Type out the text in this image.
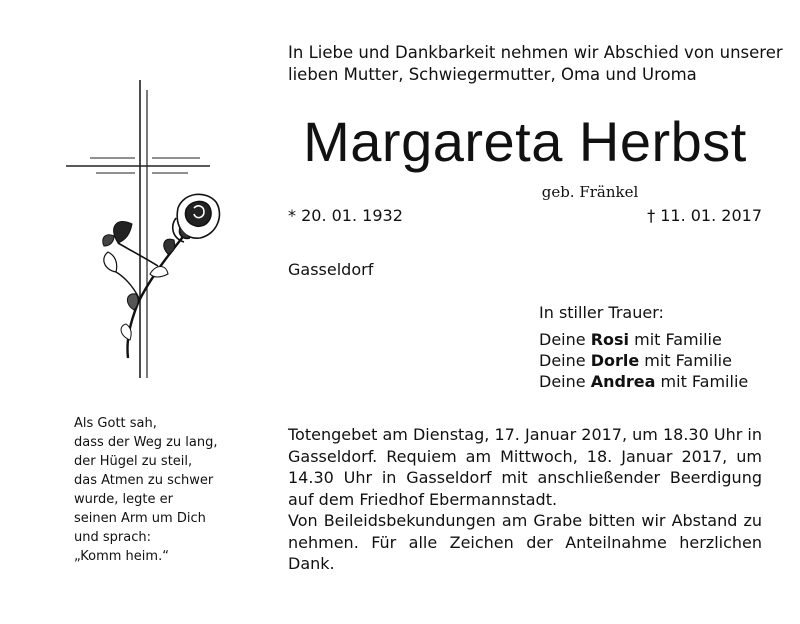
In Liebe und Dankbarkeit nehmen wir Abschied von unserer
lieben Mutter, Schwiegermutter, Oma und Uroma
Margareta Herbst
geb. Fränkel
* 20. 01. 1932	† 11. 01. 2017
Gasseldorf
In stiller Trauer:
Deine Rosi mit Familie
Deine Dorle mit Familie
Deine Andrea mit Familie
Als Gott sah,
dass der Weg zu lang,
der Hügel zu steil,
das Atmen zu schwer
wurde, legte er
seinen Arm um Dich
und sprach:
„Komm heim.“

Totengebet am Dienstag, 17. Januar 2017, um 18.30 Uhr in Gasseldorf. Requiem am Mittwoch, 18. Januar 2017, um 14.30 Uhr in Gasseldorf mit anschließender Beerdigung auf dem Friedhof Ebermannstadt.

Von Beileidsbekundungen am Grabe bitten wir Abstand zu nehmen. Für alle Zeichen der Anteilnahme herzlichen Dank.
